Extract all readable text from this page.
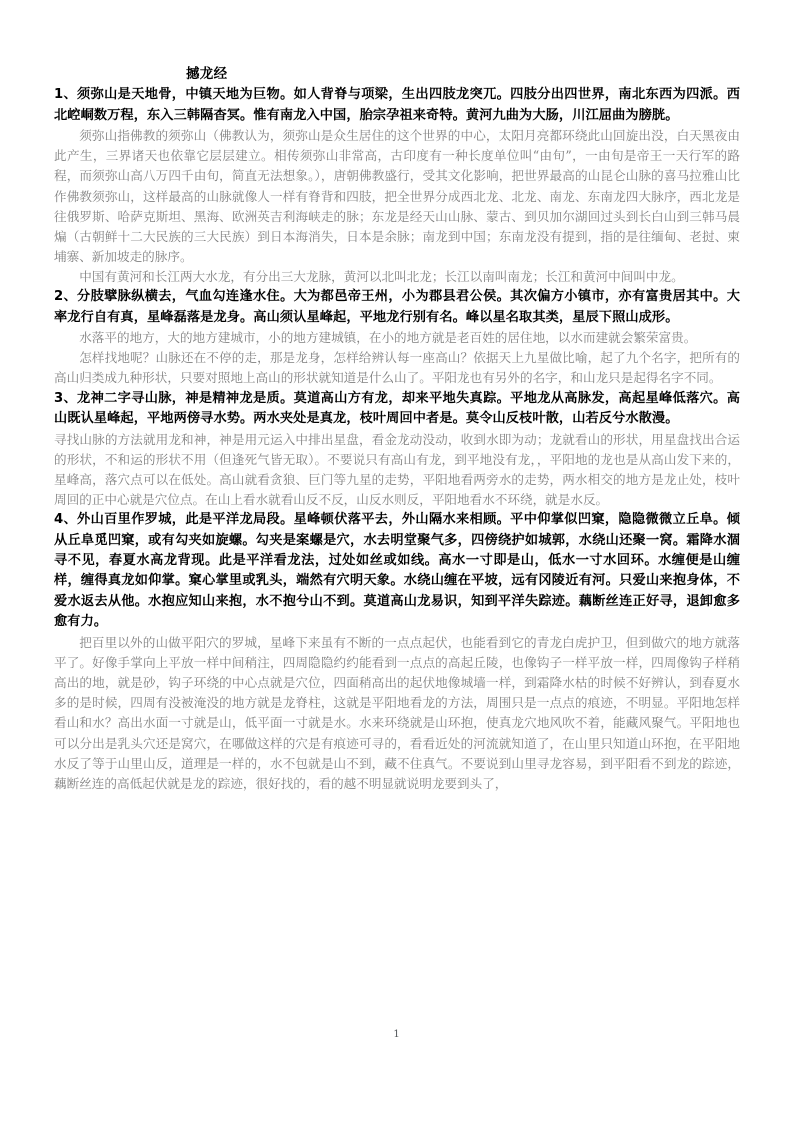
撼龙经

1、须弥山是天地骨，中镇天地为巨物。如人背脊与项梁，生出四肢龙突兀。四肢分出四世界，南北东西为四派。西北崆峒数万程，东入三韩隔杳冥。惟有南龙入中国，胎宗孕祖来奇特。黄河九曲为大肠，川江屈曲为膀胱。

须弥山指佛教的须弥山（佛教认为，须弥山是众生居住的这个世界的中心，太阳月亮都环绕此山回旋出没，白天黑夜由此产生，三界诸天也依靠它层层建立。相传须弥山非常高，古印度有一种长度单位叫“由旬”，一由旬是帝王一天行军的路程，而须弥山高八万四千由旬，简直无法想象。），唐朝佛教盛行，受其文化影响，把世界最高的山昆仑山脉的喜马拉雅山比作佛教须弥山，这样最高的山脉就像人一样有脊背和四肢，把全世界分成西北龙、北龙、南龙、东南龙四大脉序，西北龙是往俄罗斯、哈萨克斯坦、黑海、欧洲英吉利海峡走的脉；东龙是经天山山脉、蒙古、到贝加尔湖回过头到长白山到三韩马晨煸（古朝鲜十二大民族的三大民族）到日本海消失，日本是余脉；南龙到中国；东南龙没有提到，指的是往缅甸、老挝、柬埔寨、新加坡走的脉序。

中国有黄河和长江两大水龙，有分出三大龙脉，黄河以北叫北龙；长江以南叫南龙；长江和黄河中间叫中龙。

2、分肢擘脉纵横去，气血勾连逢水住。大为都邑帝王州，小为郡县君公侯。其次偏方小镇市，亦有富贵居其中。大率龙行自有真，星峰磊落是龙身。高山须认星峰起，平地龙行别有名。峰以星名取其类，星辰下照山成形。

水落平的地方，大的地方建城市，小的地方建城镇，在小的地方就是老百姓的居住地，以水而建就会繁荣富贵。

怎样找地呢？山脉还在不停的走，那是龙身，怎样给辨认每一座高山？依据天上九星做比喻，起了九个名字，把所有的高山归类成九种形状，只要对照地上高山的形状就知道是什么山了。平阳龙也有另外的名字，和山龙只是起得名字不同。

3、龙神二字寻山脉，神是精神龙是质。莫道高山方有龙，却来平地失真踪。平地龙从高脉发，高起星峰低落穴。高山既认星峰起，平地两傍寻水势。两水夹处是真龙，枝叶周回中者是。莫令山反枝叶散，山若反兮水散漫。

寻找山脉的方法就用龙和神，神是用元运入中排出星盘，看金龙动没动，收到水即为动；龙就看山的形状，用星盘找出合运的形状，不和运的形状不用（但逢死气皆无取）。不要说只有高山有龙，到平地没有龙，，平阳地的龙也是从高山发下来的，星峰高，落穴点可以在低处。高山就看贪狼、巨门等九星的走势，平阳地看两旁水的走势，两水相交的地方是龙止处，枝叶周回的正中心就是穴位点。在山上看水就看山反不反，山反水则反，平阳地看水不环绕，就是水反。

4、外山百里作罗城，此是平洋龙局段。星峰顿伏落平去，外山隔水来相顾。平中仰掌似凹窠，隐隐微微立丘阜。倾从丘阜觅凹窠，或有勾夹如旋螺。勾夹是案螺是穴，水去明堂聚气多，四傍绕护如城郭，水绕山还聚一窝。霜降水涸寻不见，春夏水高龙背现。此是平洋看龙法，过处如丝或如线。高水一寸即是山，低水一寸水回环。水缠便是山缠样，缠得真龙如仰掌。窠心掌里或乳头，端然有穴明天象。水绕山缠在平坡，远有冈陵近有河。只爱山来抱身体，不爱水返去从他。水抱应知山来抱，水不抱兮山不到。莫道高山龙易识，知到平洋失踪迹。藕断丝连正好寻，退卸愈多愈有力。

把百里以外的山做平阳穴的罗城，星峰下来虽有不断的一点点起伏，也能看到它的青龙白虎护卫，但到做穴的地方就落平了。好像手掌向上平放一样中间稍注，四周隐隐约约能看到一点点的高起丘陵，也像钩子一样平放一样，四周像钩子样稍高出的地，就是砂，钩子环绕的中心点就是穴位，四面稍高出的起伏地像城墙一样，到霜降水枯的时候不好辨认，到春夏水多的是时候，四周有没被淹没的地方就是龙脊柱，这就是平阳地看龙的方法，周围只是一点点的痕迹，不明显。平阳地怎样看山和水？高出水面一寸就是山，低平面一寸就是水。水来环绕就是山环抱，使真龙穴地风吹不着，能藏风聚气。平阳地也可以分出是乳头穴还是窝穴，在哪做这样的穴是有痕迹可寻的，看看近处的河流就知道了，在山里只知道山环抱，在平阳地水反了等于山里山反，道理是一样的，水不包就是山不到，藏不住真气。不要说到山里寻龙容易，到平阳看不到龙的踪迹，藕断丝连的高低起伏就是龙的踪迹，很好找的，看的越不明显就说明龙要到头了，

1
